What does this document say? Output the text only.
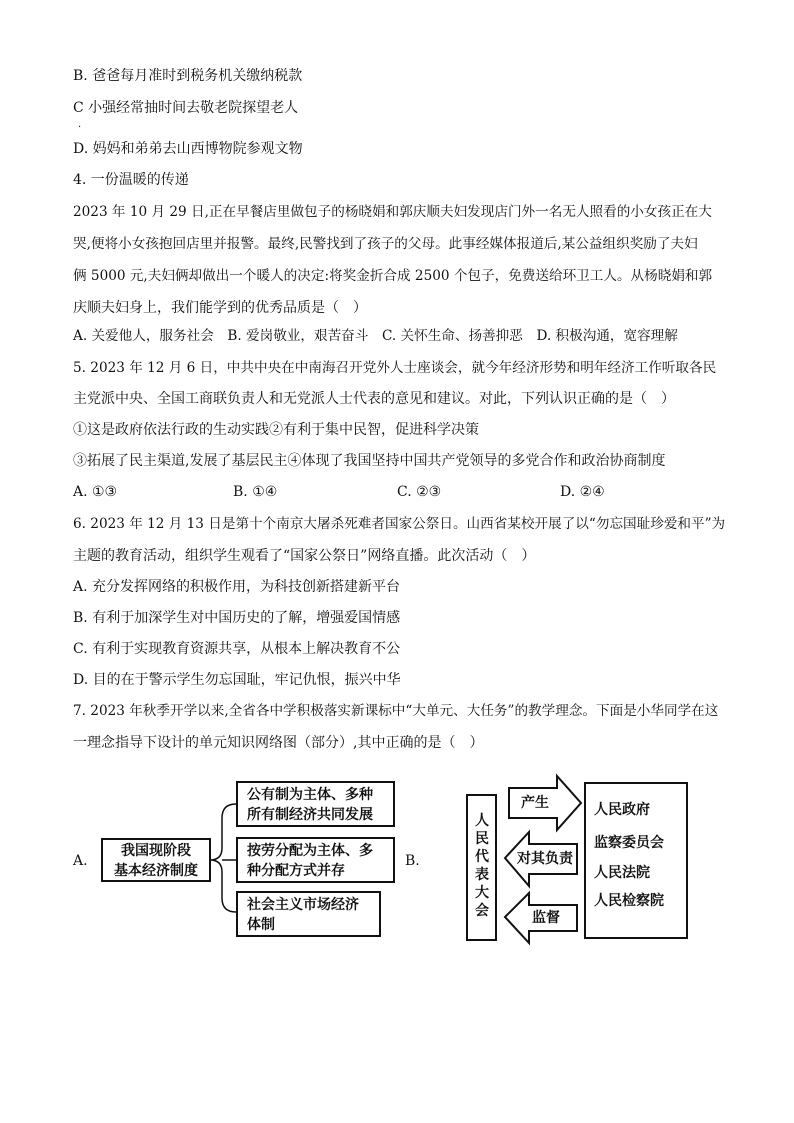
B. 爸爸每月准时到税务机关缴纳税款
C 小强经常抽时间去敬老院探望老人
·
D. 妈妈和弟弟去山西博物院参观文物
4. 一份温暖的传递
2023 年 10 月 29 日,正在早餐店里做包子的杨晓娟和郭庆顺夫妇发现店门外一名无人照看的小女孩正在大
哭,便将小女孩抱回店里并报警。最终,民警找到了孩子的父母。此事经媒体报道后,某公益组织奖励了夫妇
俩 5000 元,夫妇俩却做出一个暖人的决定:将奖金折合成 2500 个包子，免费送给环卫工人。从杨晓娟和郭
庆顺夫妇身上，我们能学到的优秀品质是（　）
A. 关爱他人，服务社会　B. 爱岗敬业，艰苦奋斗　C. 关怀生命、扬善抑恶　D. 积极沟通，宽容理解
5. 2023 年 12 月 6 日，中共中央在中南海召开党外人士座谈会，就今年经济形势和明年经济工作听取各民
主党派中央、全国工商联负责人和无党派人士代表的意见和建议。对此，下列认识正确的是（　）
①这是政府依法行政的生动实践②有利于集中民智，促进科学决策
③拓展了民主渠道,发展了基层民主④体现了我国坚持中国共产党领导的多党合作和政治协商制度
A. ①③	B. ①④	C. ②③	D. ②④
6. 2023 年 12 月 13 日是第十个南京大屠杀死难者国家公祭日。山西省某校开展了以“勿忘国耻珍爱和平”为
主题的教育活动，组织学生观看了“国家公祭日”网络直播。此次活动（　）
A. 充分发挥网络的积极作用，为科技创新搭建新平台
B. 有利于加深学生对中国历史的了解，增强爱国情感
C. 有利于实现教育资源共享，从根本上解决教育不公
D. 目的在于警示学生勿忘国耻，牢记仇恨，振兴中华
7. 2023 年秋季开学以来,全省各中学积极落实新课标中“大单元、大任务”的教学理念。下面是小华同学在这
一理念指导下设计的单元知识网络图（部分）,其中正确的是（　）
A.	B.
我国现阶段
基本经济制度
公有制为主体、多种
所有制经济共同发展
按劳分配为主体、多
种分配方式并存
社会主义市场经济
体制
人民代表大会
产生
对其负责
监督
人民政府
监察委员会
人民法院
人民检察院
